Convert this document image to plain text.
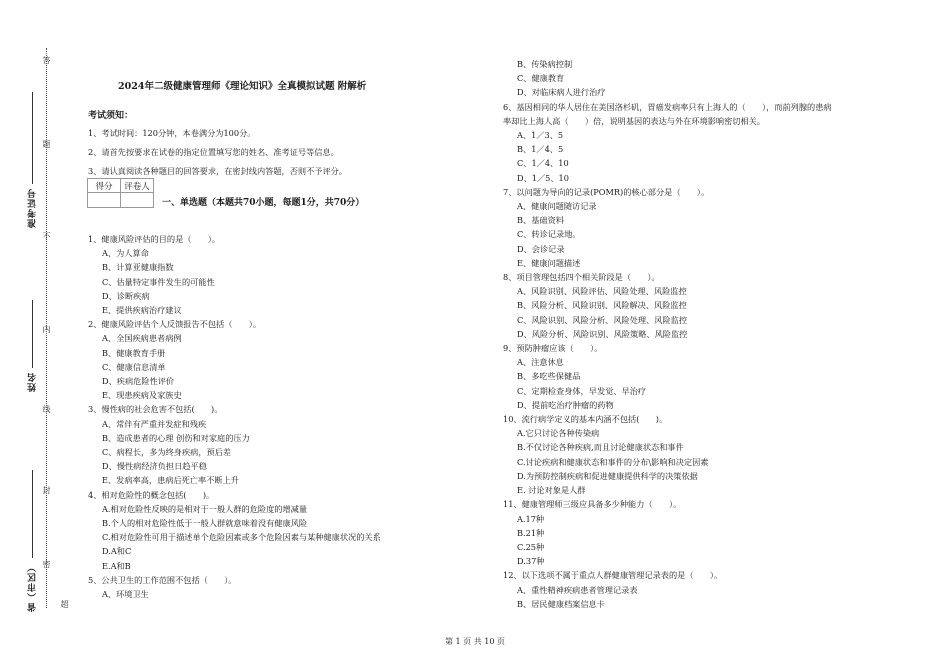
答
题
不
内
线
封
密
超
准考证号
姓名
省（市区）
2024年二级健康管理师《理论知识》全真模拟试题 附解析
考试须知：
1、考试时间：120分钟，本卷满分为100分。
2、请首先按要求在试卷的指定位置填写您的姓名、准考证号等信息。
3、请认真阅读各种题目的回答要求，在密封线内答题，否则不予评分。
得分	评卷人

一、单选题（本题共70小题，每题1分，共70分）
1、健康风险评估的目的是（　　）。
A、为人算命
B、计算亚健康指数
C、估量特定事件发生的可能性
D、诊断疾病
E、提供疾病治疗建议
2、健康风险评估个人反馈报告不包括（　　）。
A、全国疾病患者病例
B、健康教育手册
C、健康信息清单
D、疾病危险性评价
E、现患疾病及家族史
3、慢性病的社会危害不包括(　　)。
A、常伴有严重并发症和残疾
B、造成患者的心理 创伤和对家庭的压力
C、病程长，多为终身疾病，预后差
D、慢性病经济负担日趋平稳
E、发病率高，患病后死亡率不断上升
4、相对危险性的概念包括(　　)。
A.相对危险性反映的是相对于一般人群的危险度的增减量
B.个人的相对危险性低于一般人群就意味着没有健康风险
C.相对危险性可用于描述单个危险因素或多个危险因素与某种健康状况的关系
D.A和C
E.A和B
5、公共卫生的工作范围不包括（　　）。
A、环境卫生
B、传染病控制
C、健康教育
D、对临床病人进行治疗
6、基因相同的华人居住在美国洛杉矶，胃癌发病率只有上海人的（　　），而前列腺的患病
率却比上海人高（　　）倍，说明基因的表达与外在环境影响密切相关。
A、1／3、5
B、1／4、5
C、1／4、10
D、1／5、10
7、以问题为导向的记录(POMR)的核心部分是（　　）。
A、健康问题随访记录
B、基础资料
C、转诊记录地。
D、会诊记录
E、健康问题描述
8、项目管理包括四个相关阶段是（　　）。
A、风险识别、风险评估、风险处理、风险监控
B、风险分析、风险识别、风险解决、风险监控
C、风险识别、风险分析、风险处理、风险监控
D、风险分析、风险识别、风险策略、风险监控
9、预防肿瘤应该（　　）。
A、注意休息
B、多吃些保健品
C、定期检查身体，早发觉、早治疗
D、提前吃治疗肿瘤的药物
10、流行病学定义的基本内涵不包括(　　)。
A.它只讨论各种传染病
B.不仅讨论各种疾病,而且讨论健康状态和事件
C.讨论疾病和健康状态和事件的分布\影响和决定因素
D.为预防控制疾病和促进健康提供科学的决策依据
E. 讨论对象是人群
11、健康管理师三级应具备多少种能力（　　）。
A.17种
B.21种
C.25种
D.37种
12、以下选项不属于重点人群健康管理记录表的是（　　）。
A、重性精神疾病患者管理记录表
B、居民健康档案信息卡
第 1 页 共 10 页
